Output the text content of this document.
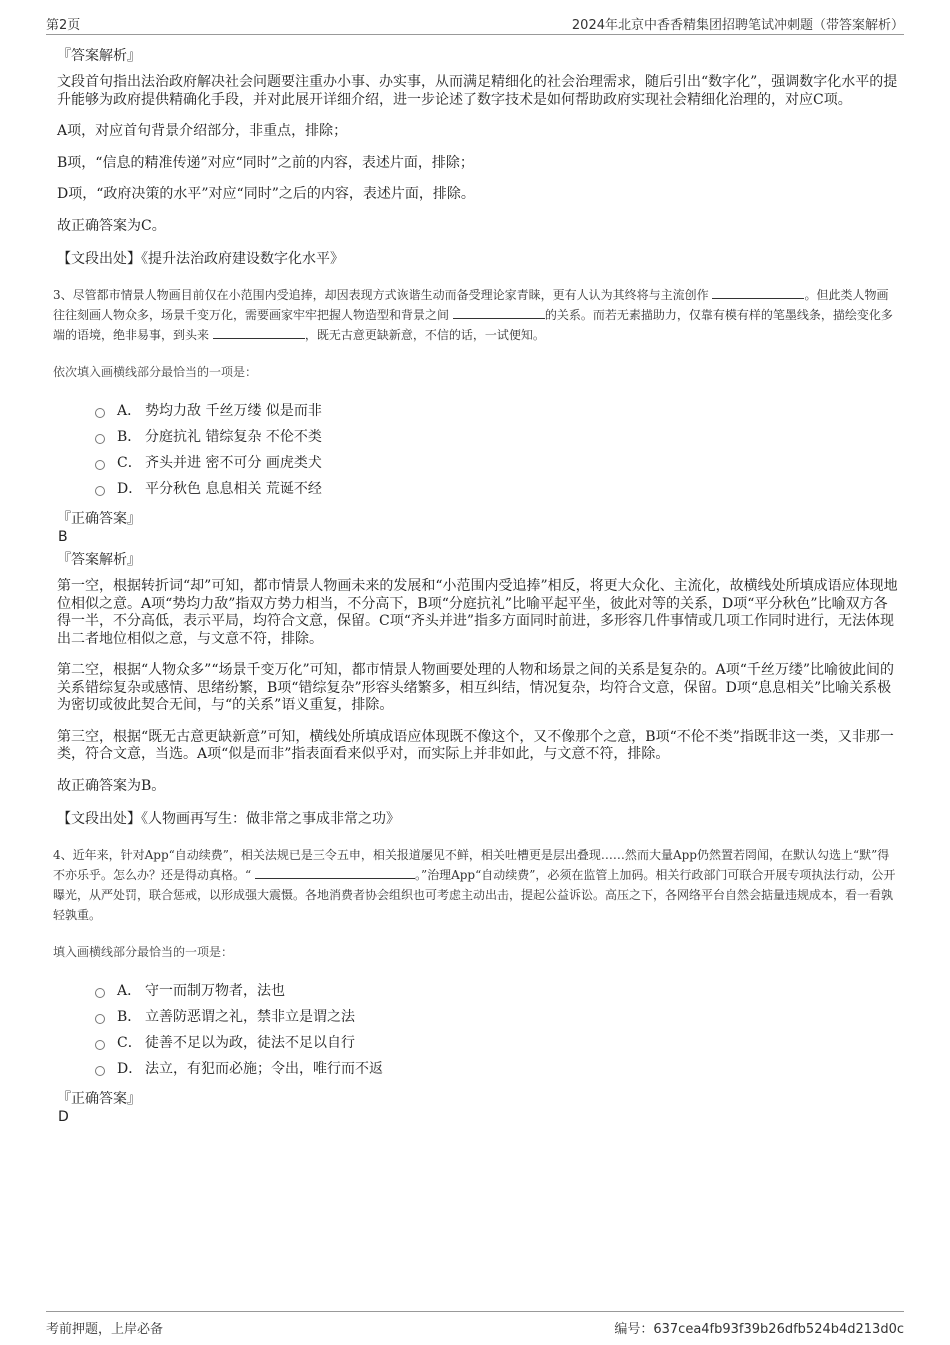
第2页	2024年北京中香香精集团招聘笔试冲刺题（带答案解析）
『答案解析』

文段首句指出法治政府解决社会问题要注重办小事、办实事，从而满足精细化的社会治理需求，随后引出“数字化”，强调数字化水平的提升能够为政府提供精确化手段，并对此展开详细介绍，进一步论述了数字技术是如何帮助政府实现社会精细化治理的，对应C项。

A项，对应首句背景介绍部分，非重点，排除；

B项，“信息的精准传递”对应“同时”之前的内容，表述片面，排除；

D项，“政府决策的水平”对应“同时”之后的内容，表述片面，排除。

故正确答案为C。

【文段出处】《提升法治政府建设数字化水平》
3、尽管都市情景人物画目前仅在小范围内受追捧，却因表现方式诙谐生动而备受理论家青睐，更有人认为其终将与主流创作	。但此类人物画往往刻画人物众多，场景千变万化，需要画家牢牢把握人物造型和背景之间	的关系。而若无素描助力，仅靠有模有样的笔墨线条，描绘变化多端的语境，绝非易事，到头来	，既无古意更缺新意，不信的话，一试便知。
依次填入画横线部分最恰当的一项是：
A． 势均力敌 千丝万缕 似是而非
B． 分庭抗礼 错综复杂 不伦不类
C． 齐头并进 密不可分 画虎类犬
D． 平分秋色 息息相关 荒诞不经
『正确答案』
B
『答案解析』

第一空，根据转折词“却”可知，都市情景人物画未来的发展和“小范围内受追捧”相反，将更大众化、主流化，故横线处所填成语应体现地位相似之意。A项“势均力敌”指双方势力相当，不分高下，B项“分庭抗礼”比喻平起平坐，彼此对等的关系，D项“平分秋色”比喻双方各得一半，不分高低，表示平局，均符合文意，保留。C项“齐头并进”指多方面同时前进，多形容几件事情或几项工作同时进行，无法体现出二者地位相似之意，与文意不符，排除。

第二空，根据“人物众多”“场景千变万化”可知，都市情景人物画要处理的人物和场景之间的关系是复杂的。A项“千丝万缕”比喻彼此间的关系错综复杂或感情、思绪纷繁，B项“错综复杂”形容头绪繁多，相互纠结，情况复杂，均符合文意，保留。D项“息息相关”比喻关系极为密切或彼此契合无间，与“的关系”语义重复，排除。

第三空，根据“既无古意更缺新意”可知，横线处所填成语应体现既不像这个，又不像那个之意，B项“不伦不类”指既非这一类，又非那一类，符合文意，当选。A项“似是而非”指表面看来似乎对，而实际上并非如此，与文意不符，排除。

故正确答案为B。

【文段出处】《人物画再写生：做非常之事成非常之功》
4、近年来，针对App“自动续费”，相关法规已是三令五申，相关报道屡见不鲜，相关吐槽更是层出叠现……然而大量App仍然置若罔闻，在默认勾选上“默”得不亦乐乎。怎么办？还是得动真格。“	。”治理App“自动续费”，必须在监管上加码。相关行政部门可联合开展专项执法行动，公开曝光，从严处罚，联合惩戒，以形成强大震慑。各地消费者协会组织也可考虑主动出击，提起公益诉讼。高压之下，各网络平台自然会掂量违规成本，看一看孰轻孰重。
填入画横线部分最恰当的一项是：
A． 守一而制万物者，法也
B． 立善防恶谓之礼，禁非立是谓之法
C． 徒善不足以为政，徒法不足以自行
D． 法立，有犯而必施；令出，唯行而不返
『正确答案』
D
考前押题，上岸必备	编号：637cea4fb93f39b26dfb524b4d213d0c
